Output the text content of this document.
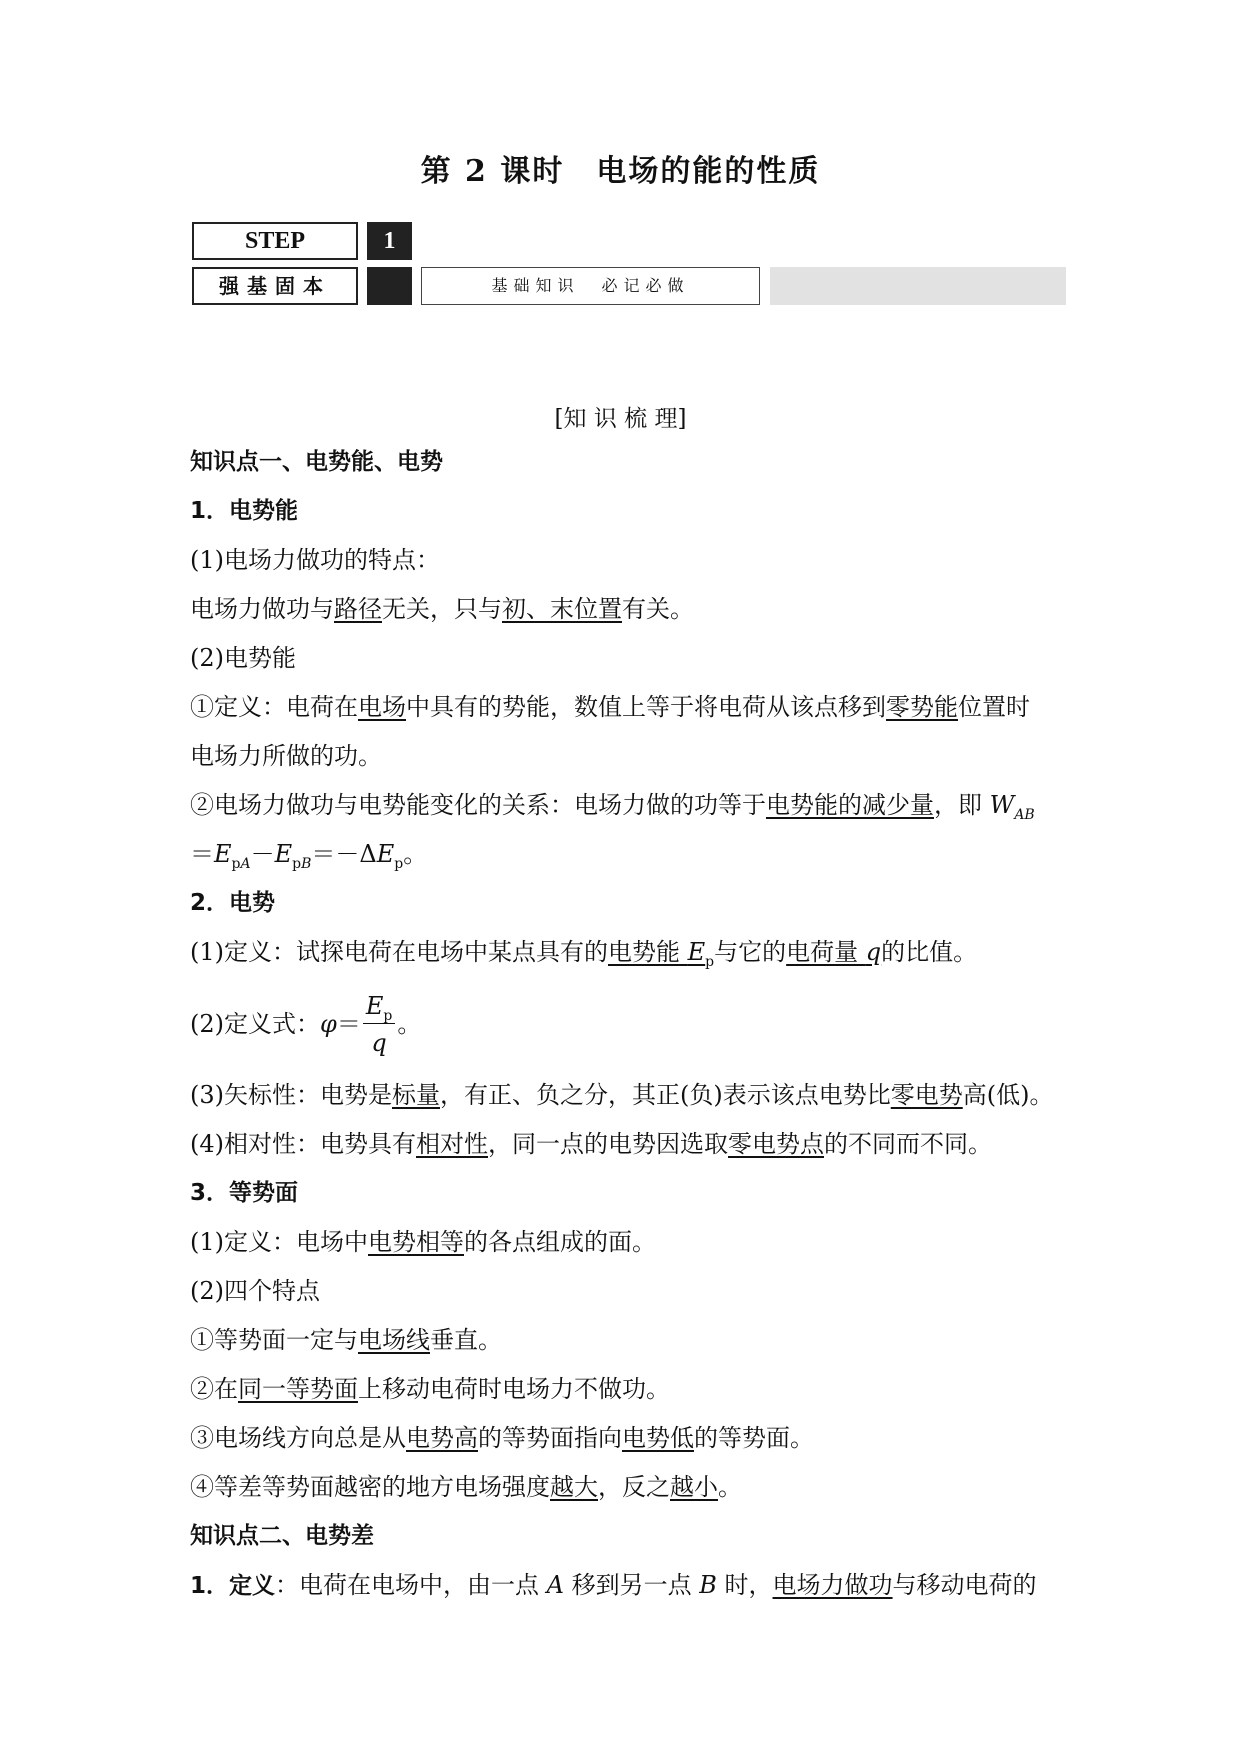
第 2 课时　电场的能的性质
STEP	1
强基固本	基础知识　必记必做
[知 识 梳 理]

知识点一、电势能、电势

1．电势能

(1)电场力做功的特点：

电场力做功与路径无关，只与初、末位置有关。

(2)电势能

①定义：电荷在电场中具有的势能，数值上等于将电荷从该点移到零势能位置时

电场力所做的功。

②电场力做功与电势能变化的关系：电场力做的功等于电势能的减少量，即 $W_{AB}$

$=E_{pA}-E_{pB}=-\Delta E_p$。

2．电势

(1)定义：试探电荷在电场中某点具有的电势能 $E_p$与它的电荷量 q的比值。

(2)定义式： $\varphi = \frac{E_p}{q}$ 。

(3)矢标性：电势是标量，有正、负之分，其正(负)表示该点电势比零电势高(低)。

(4)相对性：电势具有相对性，同一点的电势因选取零电势点的不同而不同。

3．等势面

(1)定义：电场中电势相等的各点组成的面。

(2)四个特点

①等势面一定与电场线垂直。

②在同一等势面上移动电荷时电场力不做功。

③电场线方向总是从电势高的等势面指向电势低的等势面。

④等差等势面越密的地方电场强度越大，反之越小。

知识点二、电势差

1．定义：电荷在电场中，由一点 A 移到另一点 B 时，电场力做功与移动电荷的
